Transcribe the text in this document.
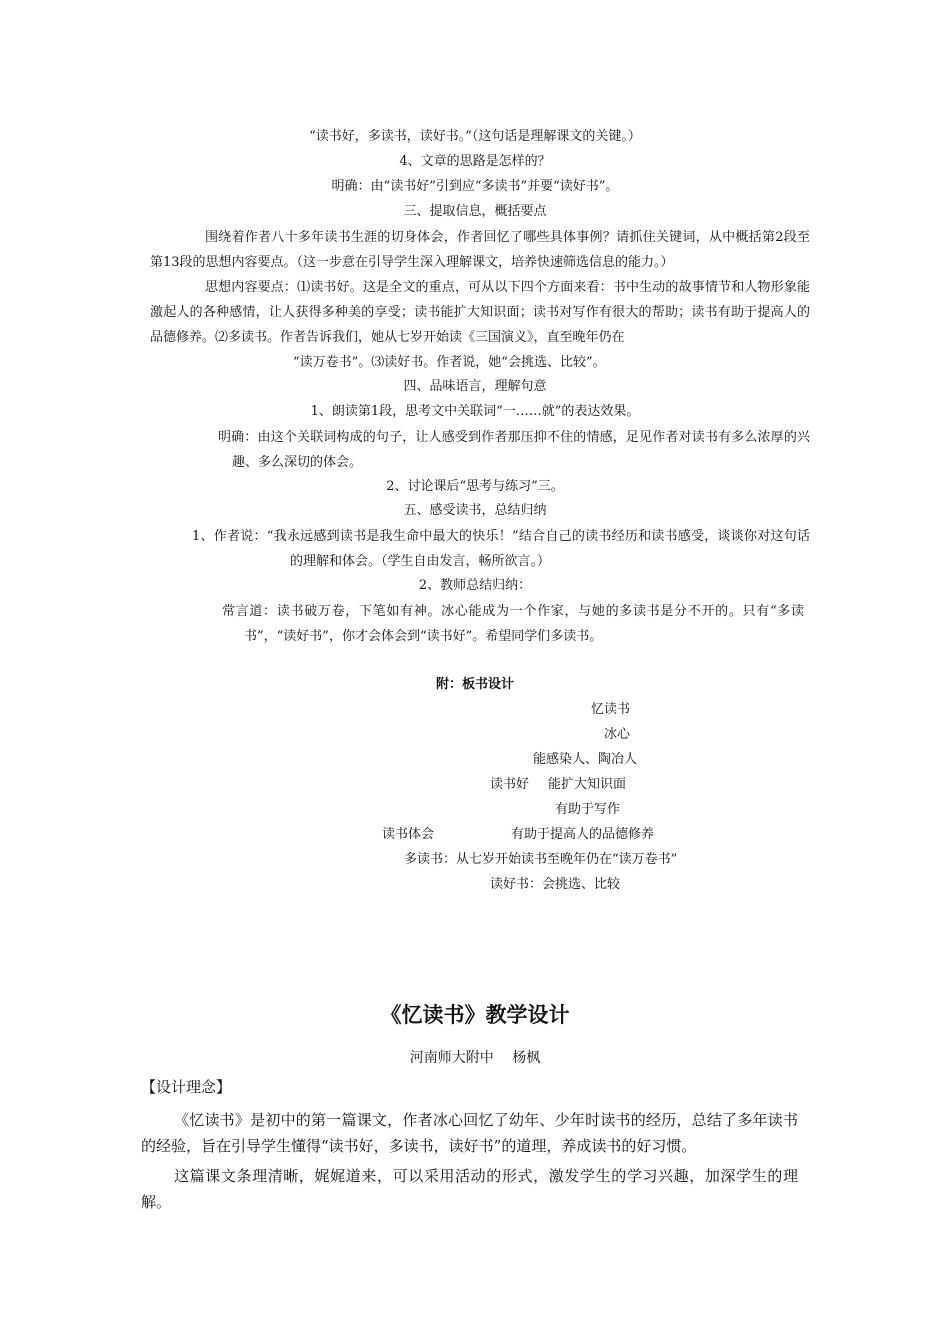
“读书好，多读书，读好书。”（这句话是理解课文的关键。）
4、文章的思路是怎样的？
明确：由“读书好”引到应“多读书”并要“读好书”。
三、提取信息，概括要点
围绕着作者八十多年读书生涯的切身体会，作者回忆了哪些具体事例？请抓住关键词，从中概括第2段至第13段的思想内容要点。（这一步意在引导学生深入理解课文，培养快速筛选信息的能力。）
思想内容要点：⑴读书好。这是全文的重点，可从以下四个方面来看：书中生动的故事情节和人物形象能激起人的各种感情，让人获得多种美的享受；读书能扩大知识面；读书对写作有很大的帮助；读书有助于提高人的品德修养。⑵多读书。作者告诉我们，她从七岁开始读《三国演义》，直至晚年仍在
“读万卷书”。⑶读好书。作者说，她“会挑选、比较”。
四、品味语言，理解句意
1、朗读第1段，思考文中关联词“一……就”的表达效果。
明确：由这个关联词构成的句子，让人感受到作者那压抑不住的情感，足见作者对读书有多么浓厚的兴趣、多么深切的体会。
2、讨论课后“思考与练习”三。
五、感受读书，总结归纳
1、作者说：“我永远感到读书是我生命中最大的快乐！”结合自己的读书经历和读书感受，谈谈你对这句话的理解和体会。（学生自由发言，畅所欲言。）
2、教师总结归纳：
常言道：读书破万卷，下笔如有神。冰心能成为一个作家，与她的多读书是分不开的。只有“多读书”，“读好书”，你才会体会到“读书好”。希望同学们多读书。
附：板书设计
忆读书
冰心
能感染人、陶冶人
读书好 能扩大知识面
有助于写作
读书体会	有助于提高人的品德修养
多读书：从七岁开始读书至晚年仍在“读万卷书”
读好书：会挑选、比较
《忆读书》教学设计
河南师大附中　 杨枫
【设计理念】
《忆读书》是初中的第一篇课文，作者冰心回忆了幼年、少年时读书的经历，总结了多年读书的经验，旨在引导学生懂得“读书好，多读书，读好书”的道理，养成读书的好习惯。
这篇课文条理清晰，娓娓道来，可以采用活动的形式，激发学生的学习兴趣，加深学生的理解。
